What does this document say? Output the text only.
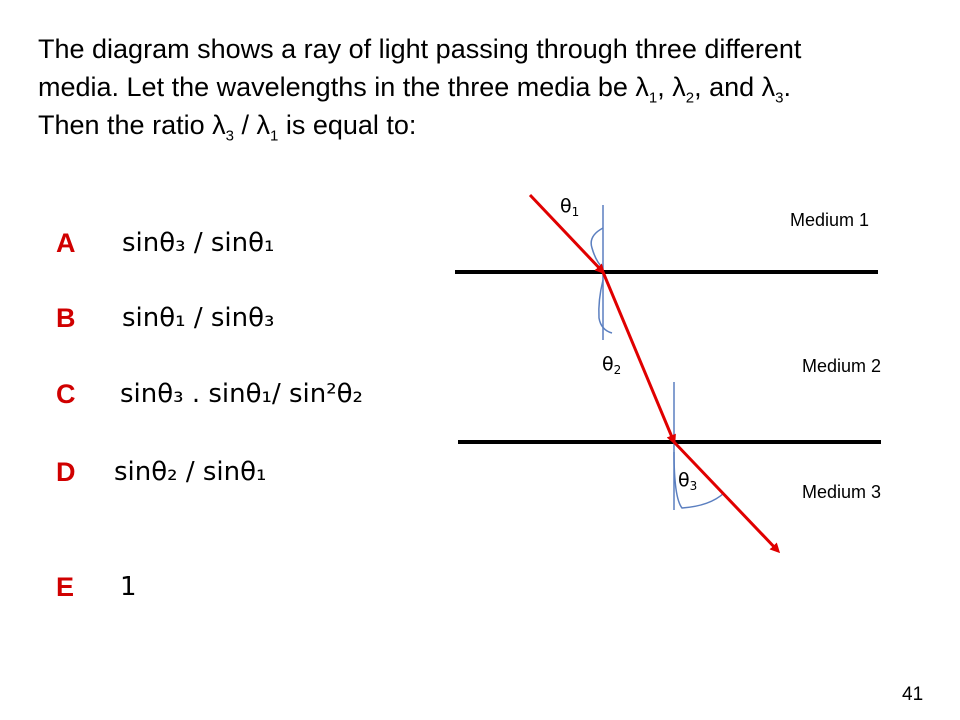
The diagram shows a ray of light passing through three different
media. Let the wavelengths in the three media be $\lambda_1$, $\lambda_2$, and $\lambda_3$.
Then the ratio $\lambda_3 / \lambda_1$ is equal to:
A sinθ₃ / sinθ₁
B sinθ₁ / sinθ₃
C sinθ₃ . sinθ₁/ sin²θ₂
D sinθ₂ / sinθ₁
E 1
$\theta_1$
$\theta_2$
$\theta_3$
Medium 1
Medium 2
Medium 3
41
